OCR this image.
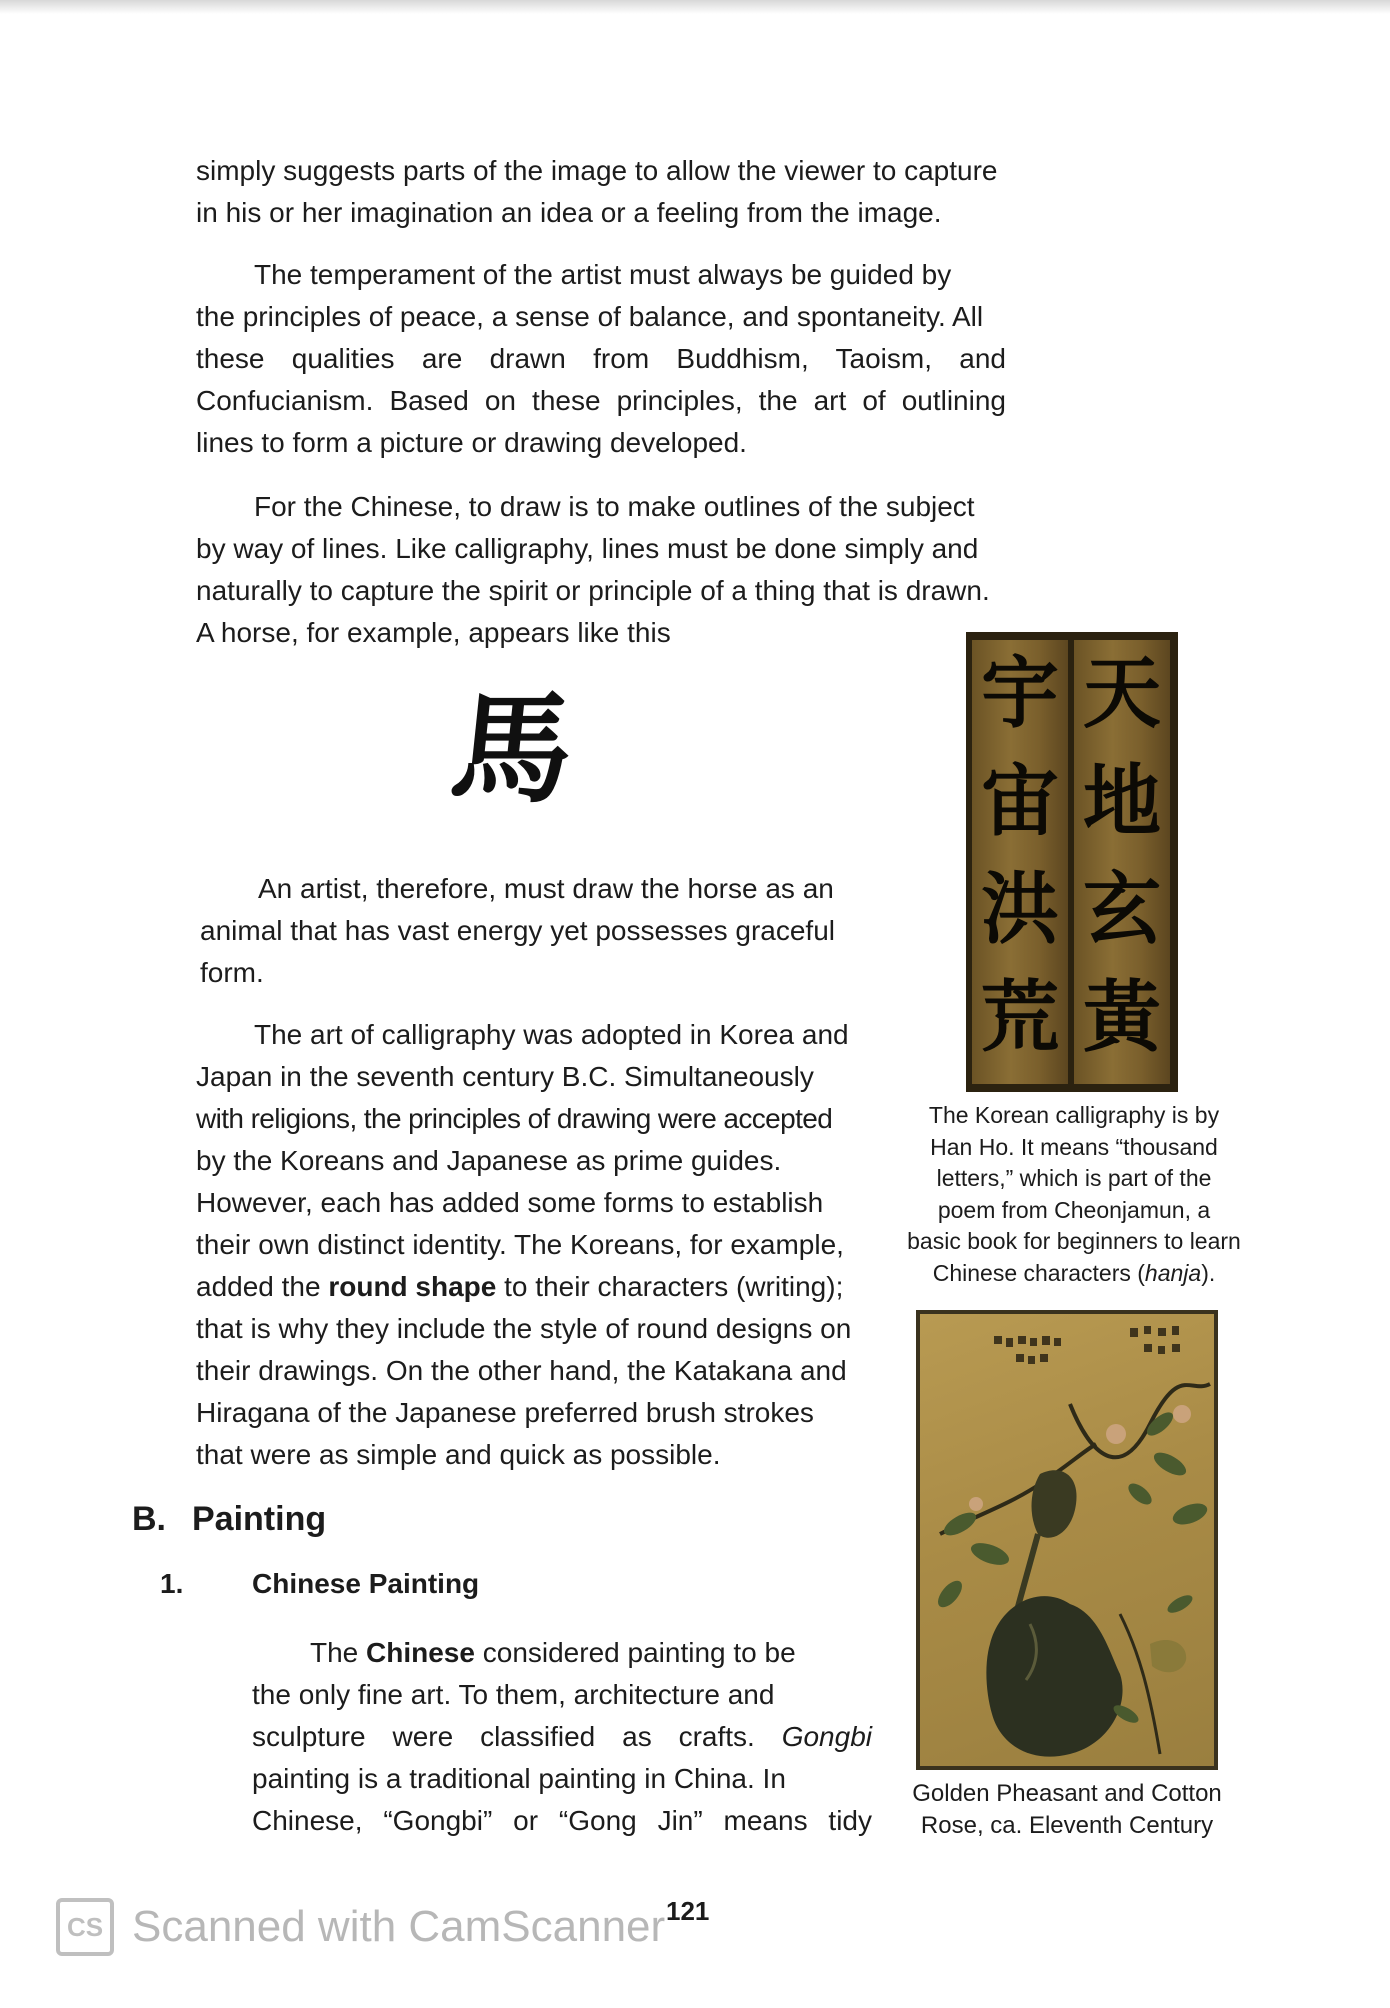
simply suggests parts of the image to allow the viewer to capture
in his or her imagination an idea or a feeling from the image.

The temperament of the artist must always be guided by
the principles of peace, a sense of balance, and spontaneity. All
these qualities are drawn from Buddhism, Taoism, and
Confucianism. Based on these principles, the art of outlining
lines to form a picture or drawing developed.

For the Chinese, to draw is to make outlines of the subject
by way of lines. Like calligraphy, lines must be done simply and
naturally to capture the spirit or principle of a thing that is drawn.
A horse, for example, appears like this

馬

An artist, therefore, must draw the horse as an
animal that has vast energy yet possesses graceful
form.

The art of calligraphy was adopted in Korea and
Japan in the seventh century B.C. Simultaneously
with religions, the principles of drawing were accepted
by the Koreans and Japanese as prime guides.
However, each has added some forms to establish
their own distinct identity. The Koreans, for example,
added the round shape to their characters (writing);
that is why they include the style of round designs on
their drawings. On the other hand, the Katakana and
Hiragana of the Japanese preferred brush strokes
that were as simple and quick as possible.

B. Painting
1. Chinese Painting

The Chinese considered painting to be
the only fine art. To them, architecture and
sculpture were classified as crafts. Gongbi
painting is a traditional painting in China. In
Chinese, “Gongbi” or “Gong Jin” means tidy

宇
宙
洪
荒
天
地
玄
黃

The Korean calligraphy is by
Han Ho. It means “thousand
letters,” which is part of the
poem from Cheonjamun, a
basic book for beginners to learn
Chinese characters (hanja).

Golden Pheasant and Cotton
Rose, ca. Eleventh Century

121
CS Scanned with CamScanner
